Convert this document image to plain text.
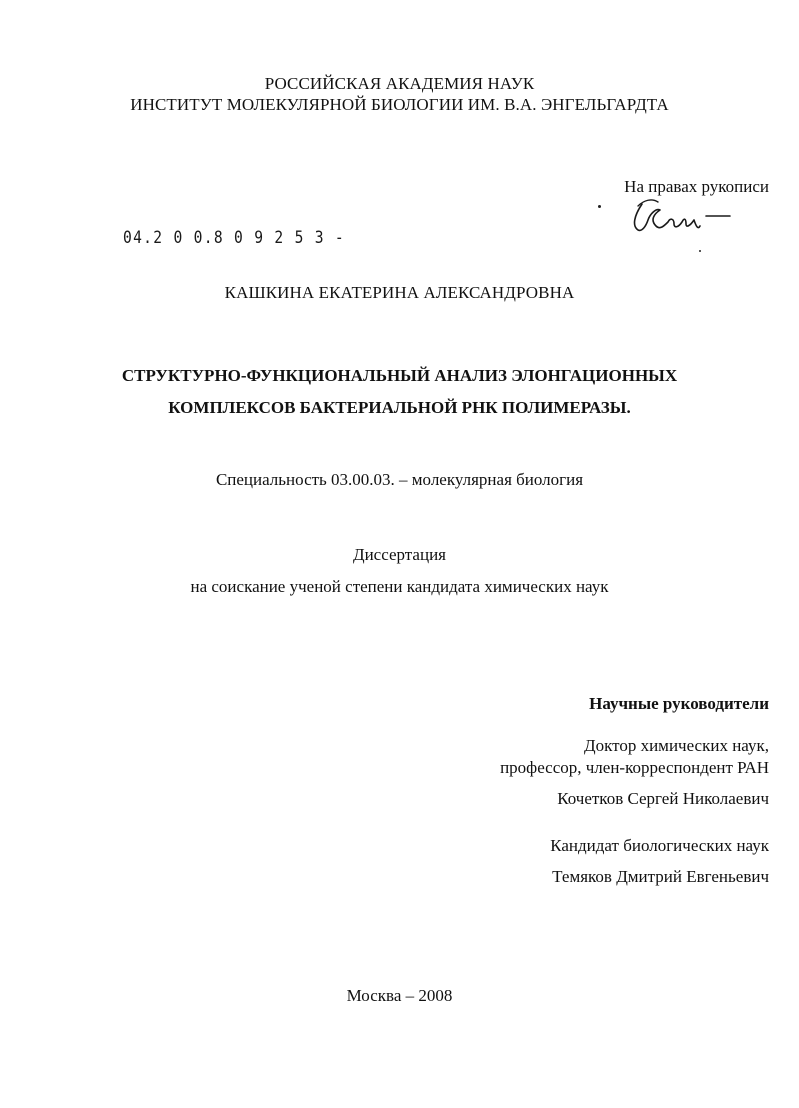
РОССИЙСКАЯ АКАДЕМИЯ НАУК
ИНСТИТУТ МОЛЕКУЛЯРНОЙ БИОЛОГИИ ИМ. В.А. ЭНГЕЛЬГАРДТА
На правах рукописи
04.2 0 0.8 0 9 2 5 3 -
КАШКИНА ЕКАТЕРИНА АЛЕКСАНДРОВНА
СТРУКТУРНО-ФУНКЦИОНАЛЬНЫЙ АНАЛИЗ ЭЛОНГАЦИОННЫХ
КОМПЛЕКСОВ БАКТЕРИАЛЬНОЙ РНК ПОЛИМЕРАЗЫ.
Специальность 03.00.03. – молекулярная биология
Диссертация
на соискание ученой степени кандидата химических наук
Научные руководители
Доктор химических наук,
профессор, член-корреспондент РАН
Кочетков Сергей Николаевич
Кандидат биологических наук
Темяков Дмитрий Евгеньевич
Москва – 2008
